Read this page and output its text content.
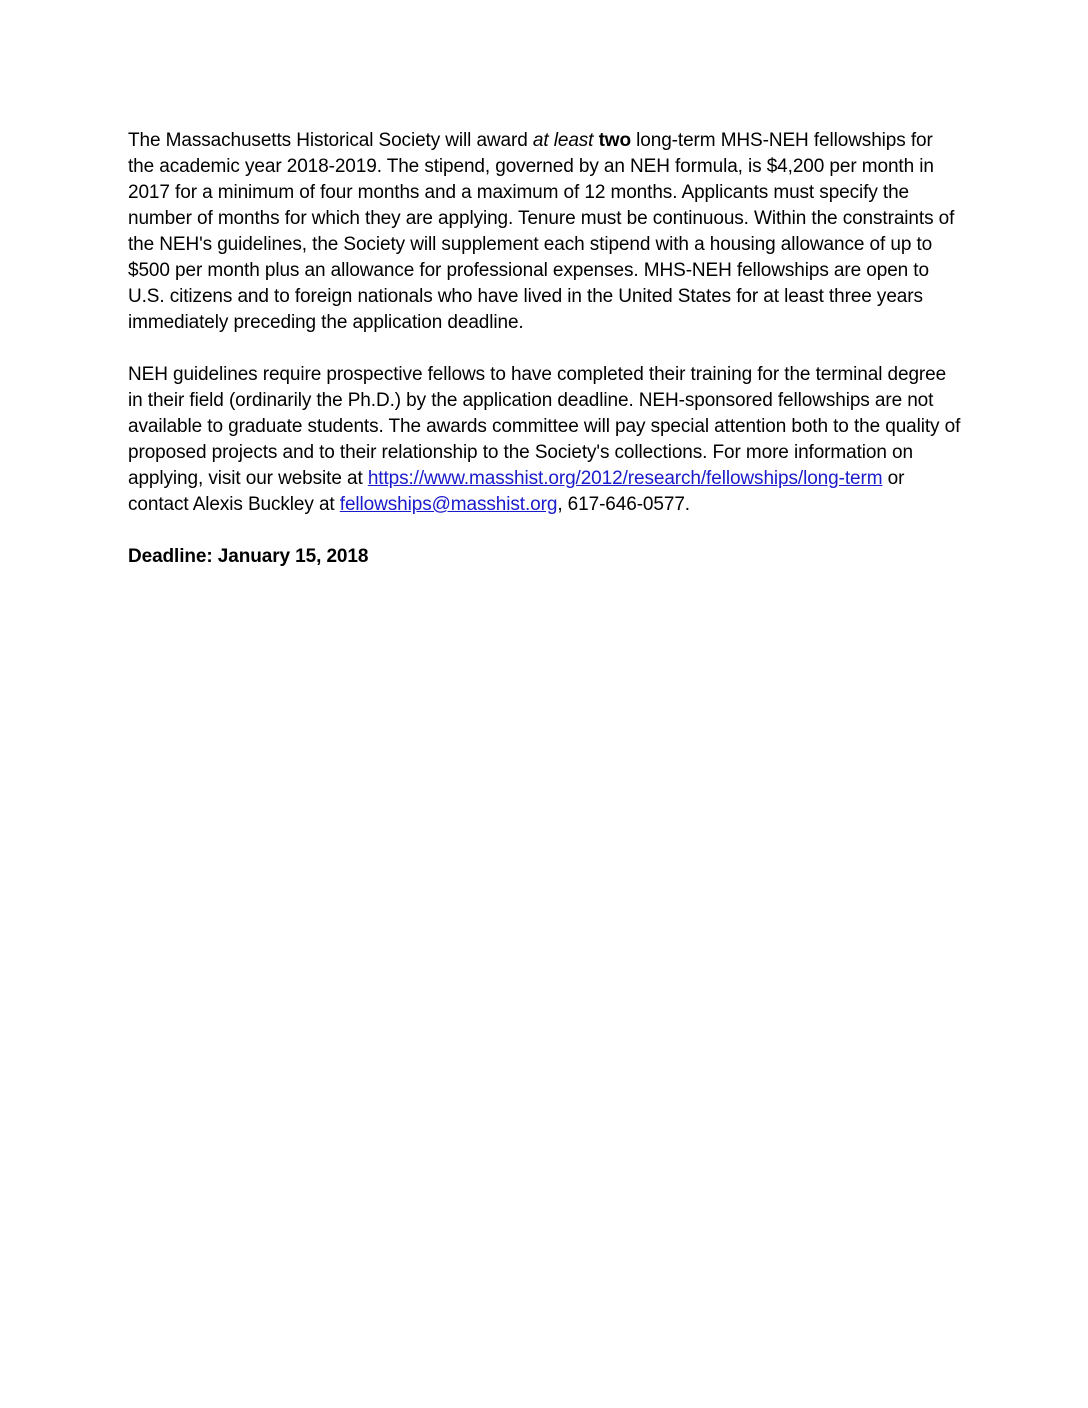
The Massachusetts Historical Society will award at least two long-term MHS-NEH fellowships for the academic year 2018-2019. The stipend, governed by an NEH formula, is $4,200 per month in 2017 for a minimum of four months and a maximum of 12 months. Applicants must specify the number of months for which they are applying. Tenure must be continuous. Within the constraints of the NEH's guidelines, the Society will supplement each stipend with a housing allowance of up to $500 per month plus an allowance for professional expenses. MHS-NEH fellowships are open to U.S. citizens and to foreign nationals who have lived in the United States for at least three years immediately preceding the application deadline.

NEH guidelines require prospective fellows to have completed their training for the terminal degree in their field (ordinarily the Ph.D.) by the application deadline. NEH-sponsored fellowships are not available to graduate students. The awards committee will pay special attention both to the quality of proposed projects and to their relationship to the Society's collections. For more information on applying, visit our website at https://www.masshist.org/2012/research/fellowships/long-term or contact Alexis Buckley at fellowships@masshist.org, 617-646-0577.

Deadline: January 15, 2018
